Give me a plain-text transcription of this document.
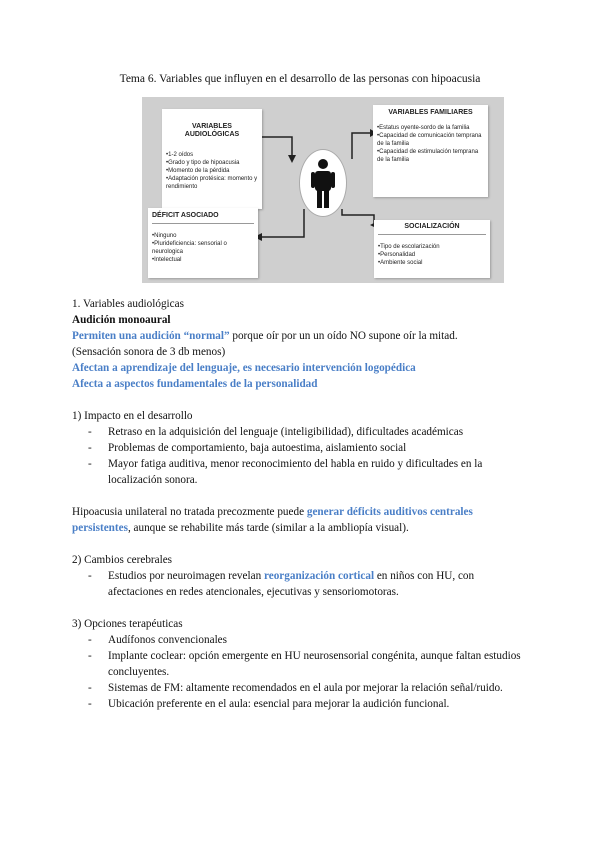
Tema 6. Variables que influyen en el desarrollo de las personas con hipoacusia
VARIABLES AUDIOLÓGICAS
• 1-2 oídos
• Grado y tipo de hipoacusia
• Momento de la pérdida
• Adaptación protésica: momento y rendimiento
VARIABLES FAMILIARES
• Estatus oyente-sordo de la familia
• Capacidad de comunicación temprana de la familia
• Capacidad de estimulación temprana de la familia
DÉFICIT ASOCIADO
• Ninguno
• Plurideficiencia: sensorial o neurologica
• Intelectual
SOCIALIZACIÓN
• Tipo de escolarización
• Personalidad
• Ambiente social

1. Variables audiológicas

Audición monoaural

Permiten una audición “normal” porque oír por un un oído NO supone oír la mitad.

(Sensación sonora de 3 db menos)

Afectan a aprendizaje del lenguaje, es necesario intervención logopédica

Afecta a aspectos fundamentales de la personalidad

1) Impacto en el desarrollo

- Retraso en la adquisición del lenguaje (inteligibilidad), dificultades académicas
- Problemas de comportamiento, baja autoestima, aislamiento social
- Mayor fatiga auditiva, menor reconocimiento del habla en ruido y dificultades en la localización sonora.

Hipoacusia unilateral no tratada precozmente puede generar déficits auditivos centrales persistentes, aunque se rehabilite más tarde (similar a la ambliopía visual).

2) Cambios cerebrales

- Estudios por neuroimagen revelan reorganización cortical en niños con HU, con afectaciones en redes atencionales, ejecutivas y sensoriomotoras.

3) Opciones terapéuticas

- Audífonos convencionales
- Implante coclear: opción emergente en HU neurosensorial congénita, aunque faltan estudios concluyentes.
- Sistemas de FM: altamente recomendados en el aula por mejorar la relación señal/ruido.
- Ubicación preferente en el aula: esencial para mejorar la audición funcional.
